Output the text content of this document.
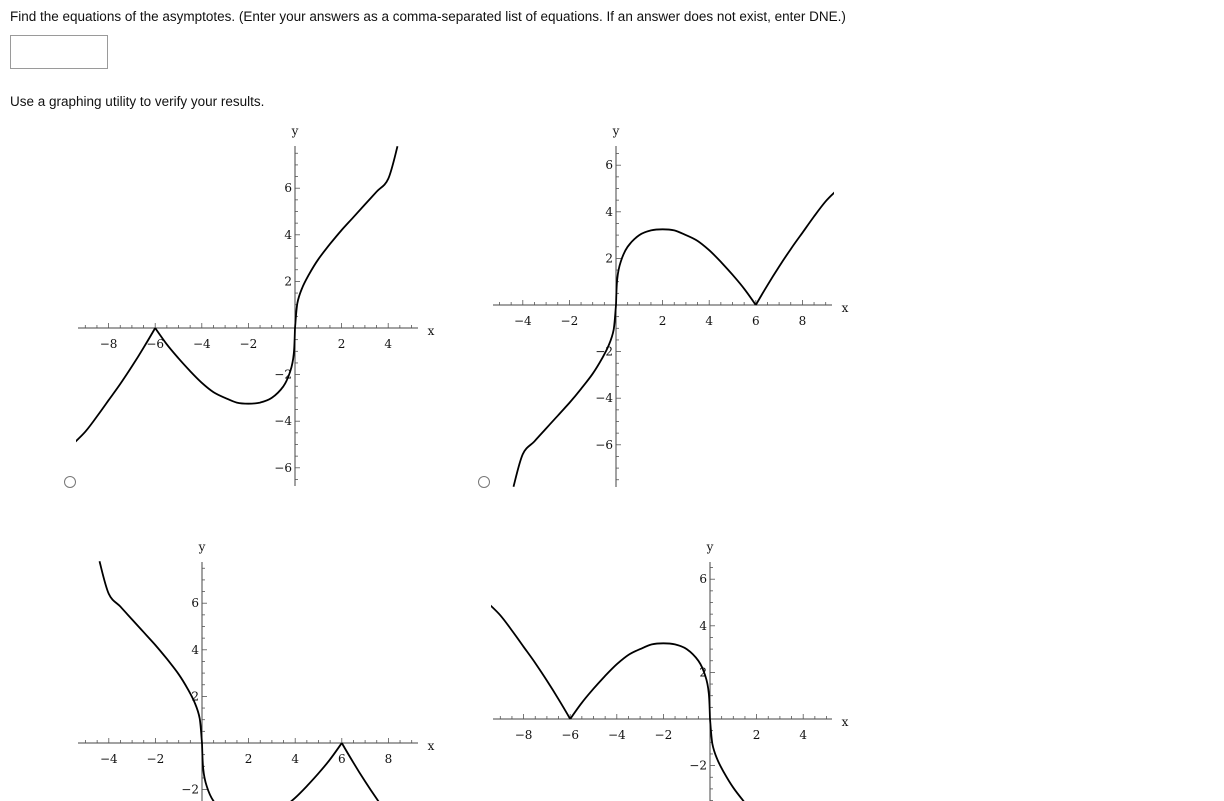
Find the equations of the asymptotes. (Enter your answers as a comma-separated list of equations. If an answer does not exist, enter DNE.)
Use a graphing utility to verify your results.
−8 −6 −4 −2	2	4
−6
−4
−2
2
4
6
x
y
−4 −2	2	4	6	8
−6
−4
−2
2
4
6
x
y
−4 −2	2	4	6	8
−2
2
4
6
x
y
−8 −6 −4 −2	2	4
−2
2
4
6
x
y
